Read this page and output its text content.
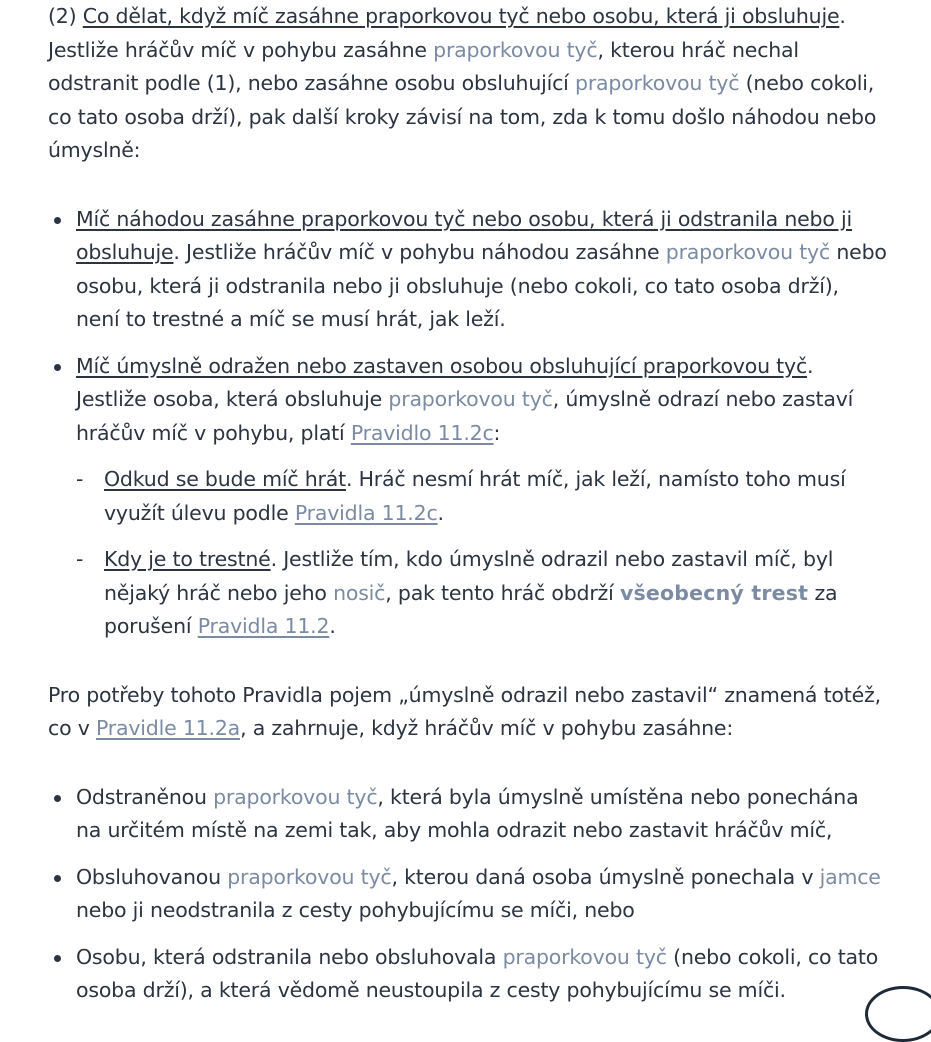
(2) Co dělat, když míč zasáhne praporkovou tyč nebo osobu, která ji obsluhuje. Jestliže hráčův míč v pohybu zasáhne praporkovou tyč, kterou hráč nechal odstranit podle (1), nebo zasáhne osobu obsluhující praporkovou tyč (nebo cokoli, co tato osoba drží), pak další kroky závisí na tom, zda k tomu došlo náhodou nebo úmyslně:

Míč náhodou zasáhne praporkovou tyč nebo osobu, která ji odstranila nebo ji obsluhuje. Jestliže hráčův míč v pohybu náhodou zasáhne praporkovou tyč nebo osobu, která ji odstranila nebo ji obsluhuje (nebo cokoli, co tato osoba drží), není to trestné a míč se musí hrát, jak leží.
Míč úmyslně odražen nebo zastaven osobou obsluhující praporkovou tyč. Jestliže osoba, která obsluhuje praporkovou tyč, úmyslně odrazí nebo zastaví hráčův míč v pohybu, platí Pravidlo 11.2c:
- Odkud se bude míč hrát. Hráč nesmí hrát míč, jak leží, namísto toho musí využít úlevu podle Pravidla 11.2c.
- Kdy je to trestné. Jestliže tím, kdo úmyslně odrazil nebo zastavil míč, byl nějaký hráč nebo jeho nosič, pak tento hráč obdrží všeobecný trest za porušení Pravidla 11.2.

Pro potřeby tohoto Pravidla pojem „úmyslně odrazil nebo zastavil“ znamená totéž, co v Pravidle 11.2a, a zahrnuje, když hráčův míč v pohybu zasáhne:

Odstraněnou praporkovou tyč, která byla úmyslně umístěna nebo ponechána na určitém místě na zemi tak, aby mohla odrazit nebo zastavit hráčův míč,
Obsluhovanou praporkovou tyč, kterou daná osoba úmyslně ponechala v jamce nebo ji neodstranila z cesty pohybujícímu se míči, nebo
Osobu, která odstranila nebo obsluhovala praporkovou tyč (nebo cokoli, co tato osoba drží), a která vědomě neustoupila z cesty pohybujícímu se míči.
